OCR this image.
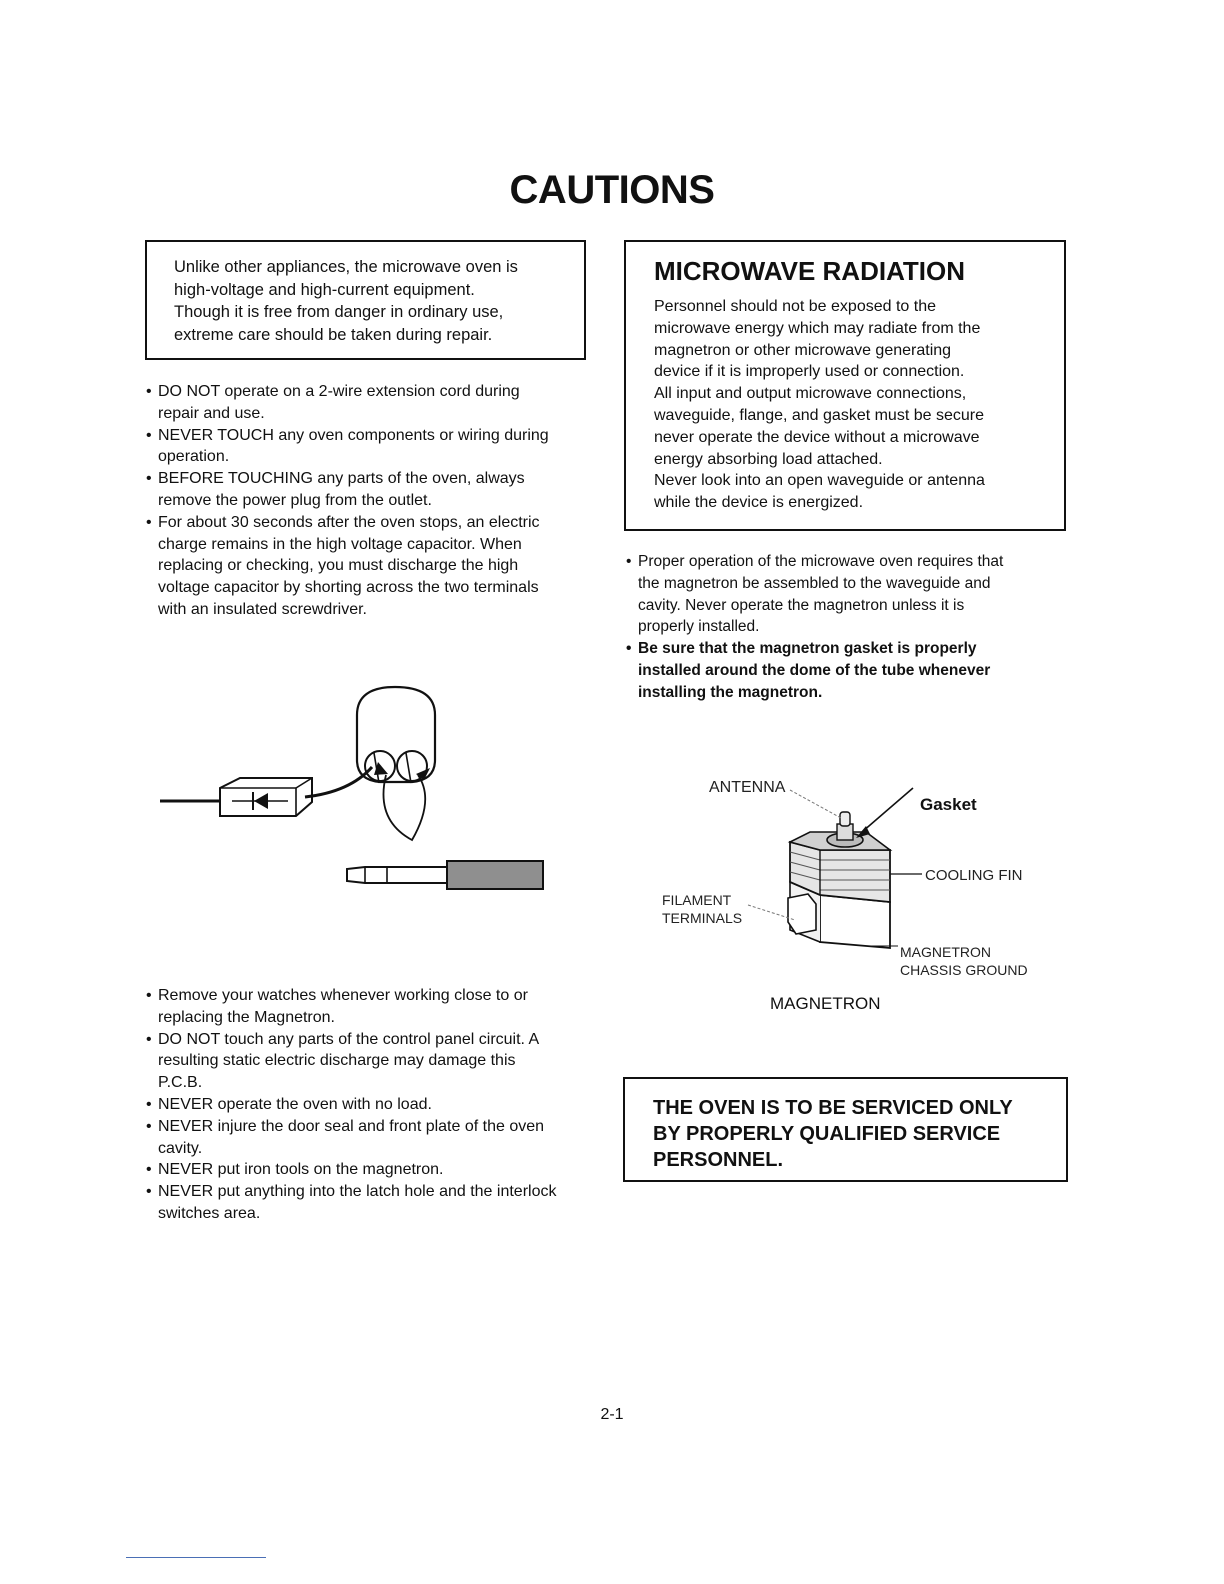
CAUTIONS
Unlike other appliances, the microwave oven is
high-voltage and high-current equipment.
Though it is free from danger in ordinary use,
extreme care should be taken during repair.
• DO NOT operate on a 2-wire extension cord during
repair and use.
• NEVER TOUCH any oven components or wiring during
operation.
• BEFORE TOUCHING any parts of the oven, always
remove the power plug from the outlet.
• For about 30 seconds after the oven stops, an electric
charge remains in the high voltage capacitor. When
replacing or checking, you must discharge the high
voltage capacitor by shorting across the two terminals
with an insulated screwdriver.
• Remove your watches whenever working close to or
replacing the Magnetron.
• DO NOT touch any parts of the control panel circuit. A
resulting static electric discharge may damage this
P.C.B.
• NEVER operate the oven with no load.
• NEVER injure the door seal and front plate of the oven
cavity.
• NEVER put iron tools on the magnetron.
• NEVER put anything into the latch hole and the interlock
switches area.
MICROWAVE RADIATION
Personnel should not be exposed to the
microwave energy which may radiate from the
magnetron or other microwave generating
device if it is improperly used or connection.
All input and output microwave connections,
waveguide, flange, and gasket must be secure
never operate the device without a microwave
energy absorbing load attached.
Never look into an open waveguide or antenna
while the device is energized.
• Proper operation of the microwave oven requires that
the magnetron be assembled to the waveguide and
cavity. Never operate the magnetron unless it is
properly installed.
• Be sure that the magnetron gasket is properly
installed around the dome of the tube whenever
installing the magnetron.
ANTENNA
Gasket
COOLING FIN
FILAMENT
TERMINALS
MAGNETRON
CHASSIS GROUND
MAGNETRON
THE OVEN IS TO BE SERVICED ONLY
BY PROPERLY QUALIFIED SERVICE
PERSONNEL.
2-1
